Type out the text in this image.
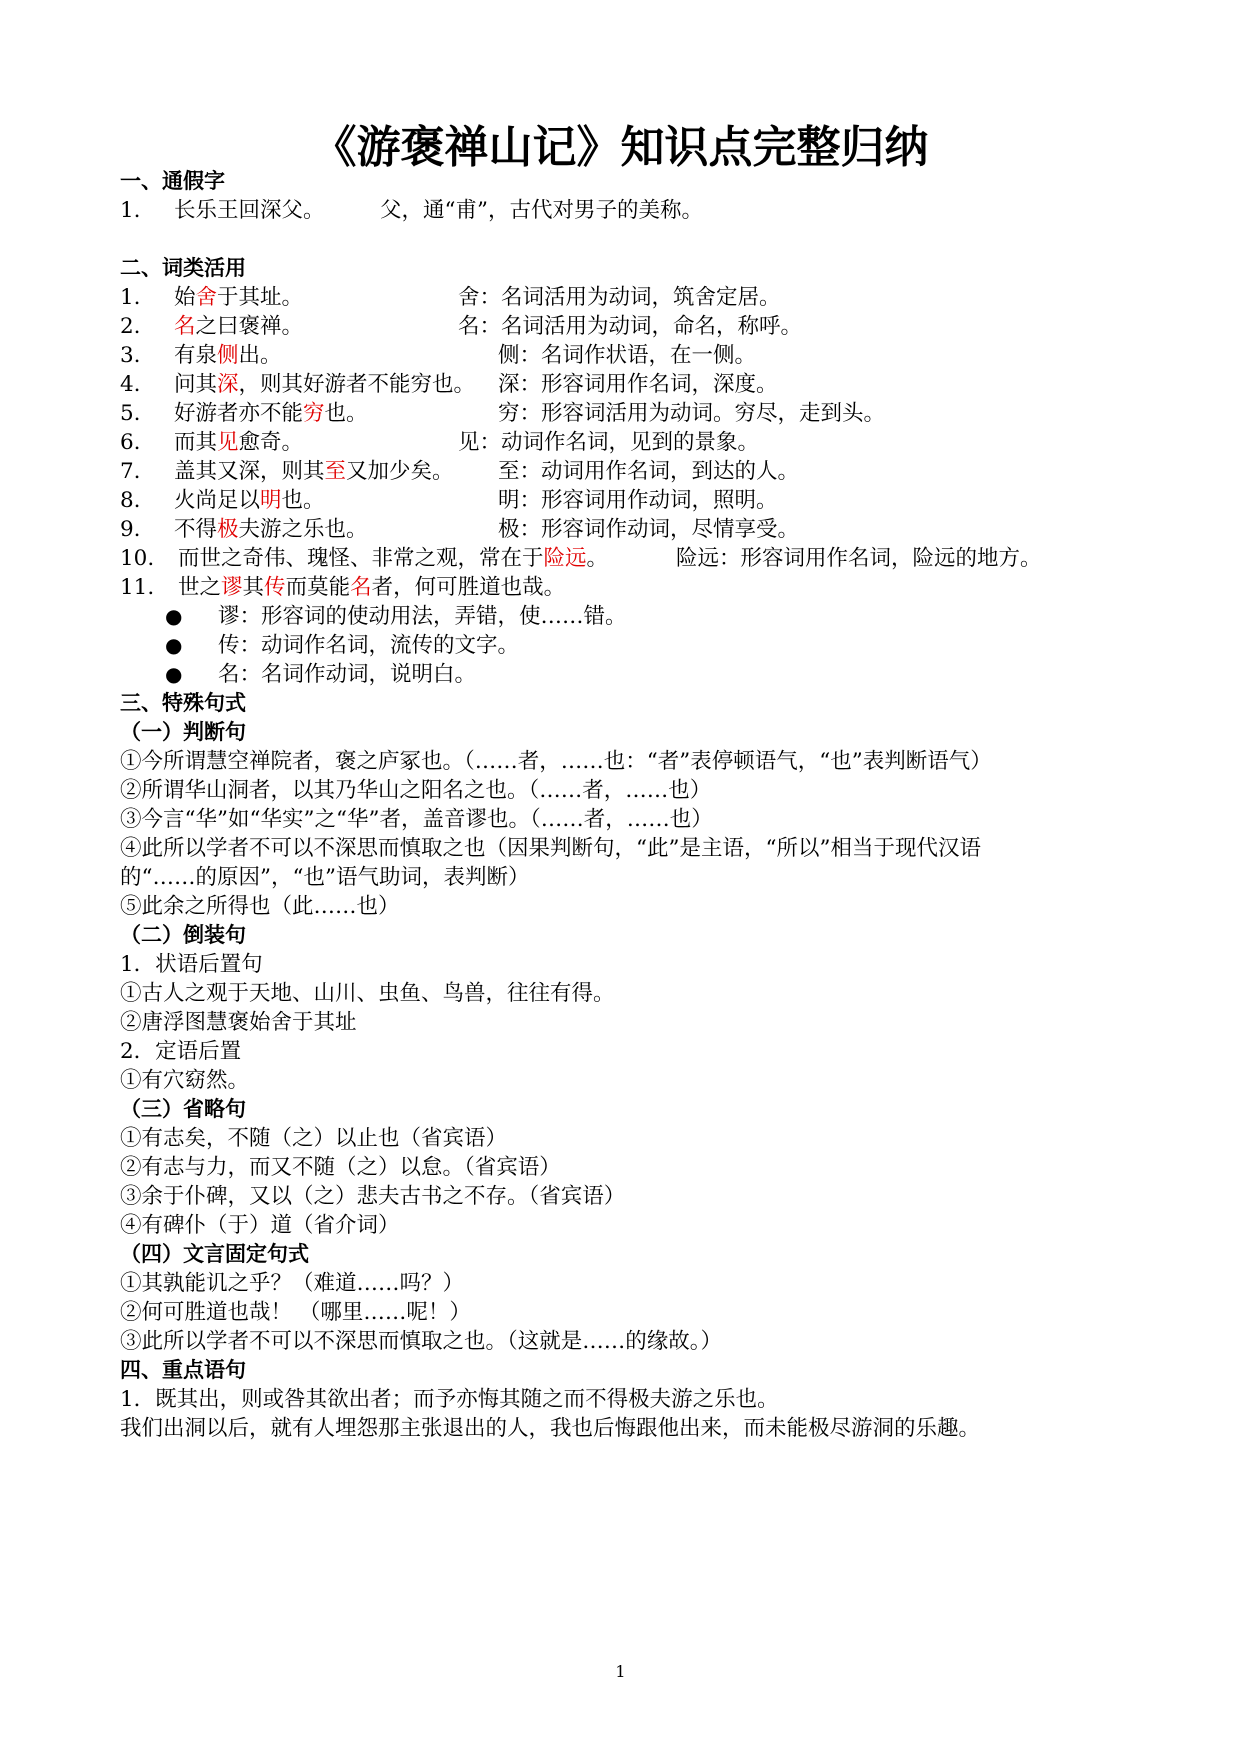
《游褒禅山记》知识点完整归纳
一、通假字
1. 长乐王回深父。	父，通“甫”，古代对男子的美称。
二、词类活用
1. 始舍于其址。	舍：名词活用为动词，筑舍定居。
2. 名之曰褒禅。	名：名词活用为动词，命名，称呼。
3. 有泉侧出。	侧：名词作状语，在一侧。
4. 问其深，则其好游者不能穷也。 深：形容词用作名词，深度。
5. 好游者亦不能穷也。	穷：形容词活用为动词。穷尽，走到头。
6. 而其见愈奇。	见：动词作名词，见到的景象。
7. 盖其又深，则其至又加少矣。 至：动词用作名词，到达的人。
8. 火尚足以明也。	明：形容词用作动词，照明。
9. 不得极夫游之乐也。	极：形容词作动词，尽情享受。
10. 而世之奇伟、瑰怪、非常之观，常在于险远。	险远：形容词用作名词，险远的地方。
11. 世之谬其传而莫能名者，何可胜道也哉。
● 谬：形容词的使动用法，弄错，使……错。
● 传：动词作名词，流传的文字。
● 名：名词作动词，说明白。
三、特殊句式
（一）判断句
①今所谓慧空禅院者，褒之庐冢也。（……者，……也：“者”表停顿语气，“也”表判断语气）
②所谓华山洞者，以其乃华山之阳名之也。（……者，……也）
③今言“华”如“华实”之“华”者，盖音谬也。（……者，……也）
④此所以学者不可以不深思而慎取之也（因果判断句，“此”是主语，“所以”相当于现代汉语
的“……的原因”，“也”语气助词，表判断）
⑤此余之所得也（此……也）
（二）倒装句
1．状语后置句
①古人之观于天地、山川、虫鱼、鸟兽，往往有得。
②唐浮图慧褒始舍于其址
2．定语后置
①有穴窈然。
（三）省略句
①有志矣，不随（之）以止也（省宾语）
②有志与力，而又不随（之）以怠。（省宾语）
③余于仆碑，又以（之）悲夫古书之不存。（省宾语）
④有碑仆（于）道（省介词）
（四）文言固定句式
①其孰能讥之乎？（难道……吗？）
②何可胜道也哉！ （哪里……呢！）
③此所以学者不可以不深思而慎取之也。（这就是……的缘故。）
四、重点语句
1．既其出，则或咎其欲出者；而予亦悔其随之而不得极夫游之乐也。
我们出洞以后，就有人埋怨那主张退出的人，我也后悔跟他出来，而未能极尽游洞的乐趣。
1
